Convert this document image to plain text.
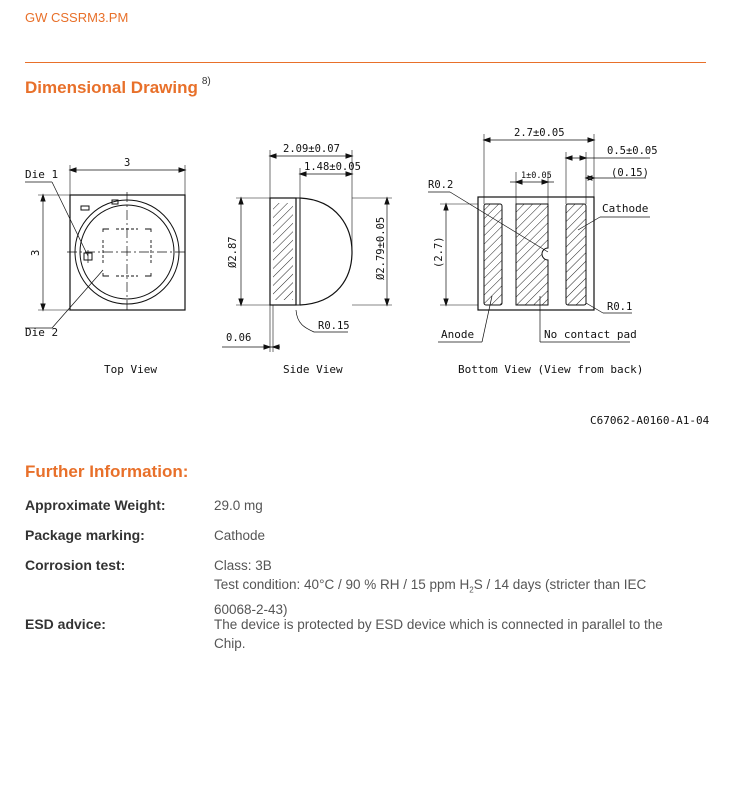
GW CSSRM3.PM
Dimensional Drawing $^{8)}$
3
3
Die 1
Die 2
Top View
2.09±0.07
1.48±0.05
Ø2.87	Ø2.79±0.05
0.06
R0.15
Side View
2.7±0.05
0.5±0.05
(0.15)
1±0.05
(2.7)
R0.2
Cathode
R0.1
Anode	No contact pad
Bottom View (View from back)
C67062-A0160-A1-04
Further Information:
Approximate Weight:	29.0 mg
Package marking:	Cathode
Corrosion test:	Class: 3B
Test condition: 40°C / 90 % RH / 15 ppm $H_2S / 14$ days (stricter than IEC
60068-2-43)
ESD advice:	The device is protected by ESD device which is connected in parallel to the Chip.
